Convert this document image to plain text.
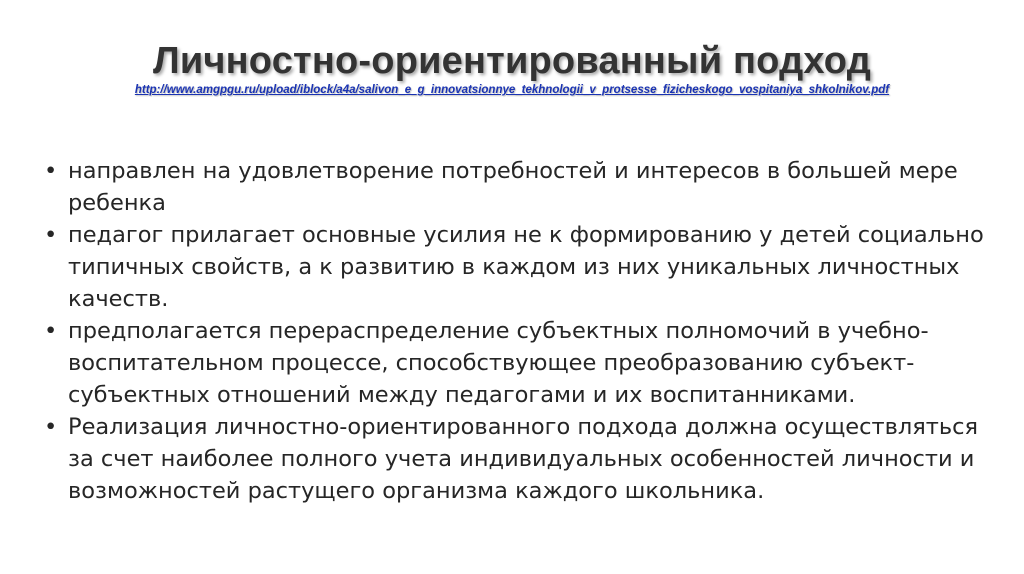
Личностно-ориентированный подход
http://www.amgpgu.ru/upload/iblock/a4a/salivon_e_g_innovatsionnye_tekhnologii_v_protsesse_fizicheskogo_vospitaniya_shkolnikov.pdf
• направлен на удовлетворение потребностей и интересов в большей мере ребенка
• педагог прилагает основные усилия не к формированию у детей социально типичных свойств, а к развитию в каждом из них уникальных личностных качеств.
• предполагается перераспределение субъектных полномочий в учебно-воспитательном процессе, способствующее преобразованию субъект-субъектных отношений между педагогами и их воспитанниками.
• Реализация личностно-ориентированного подхода должна осуществляться за счет наиболее полного учета индивидуальных особенностей личности и возможностей растущего организма каждого школьника.
